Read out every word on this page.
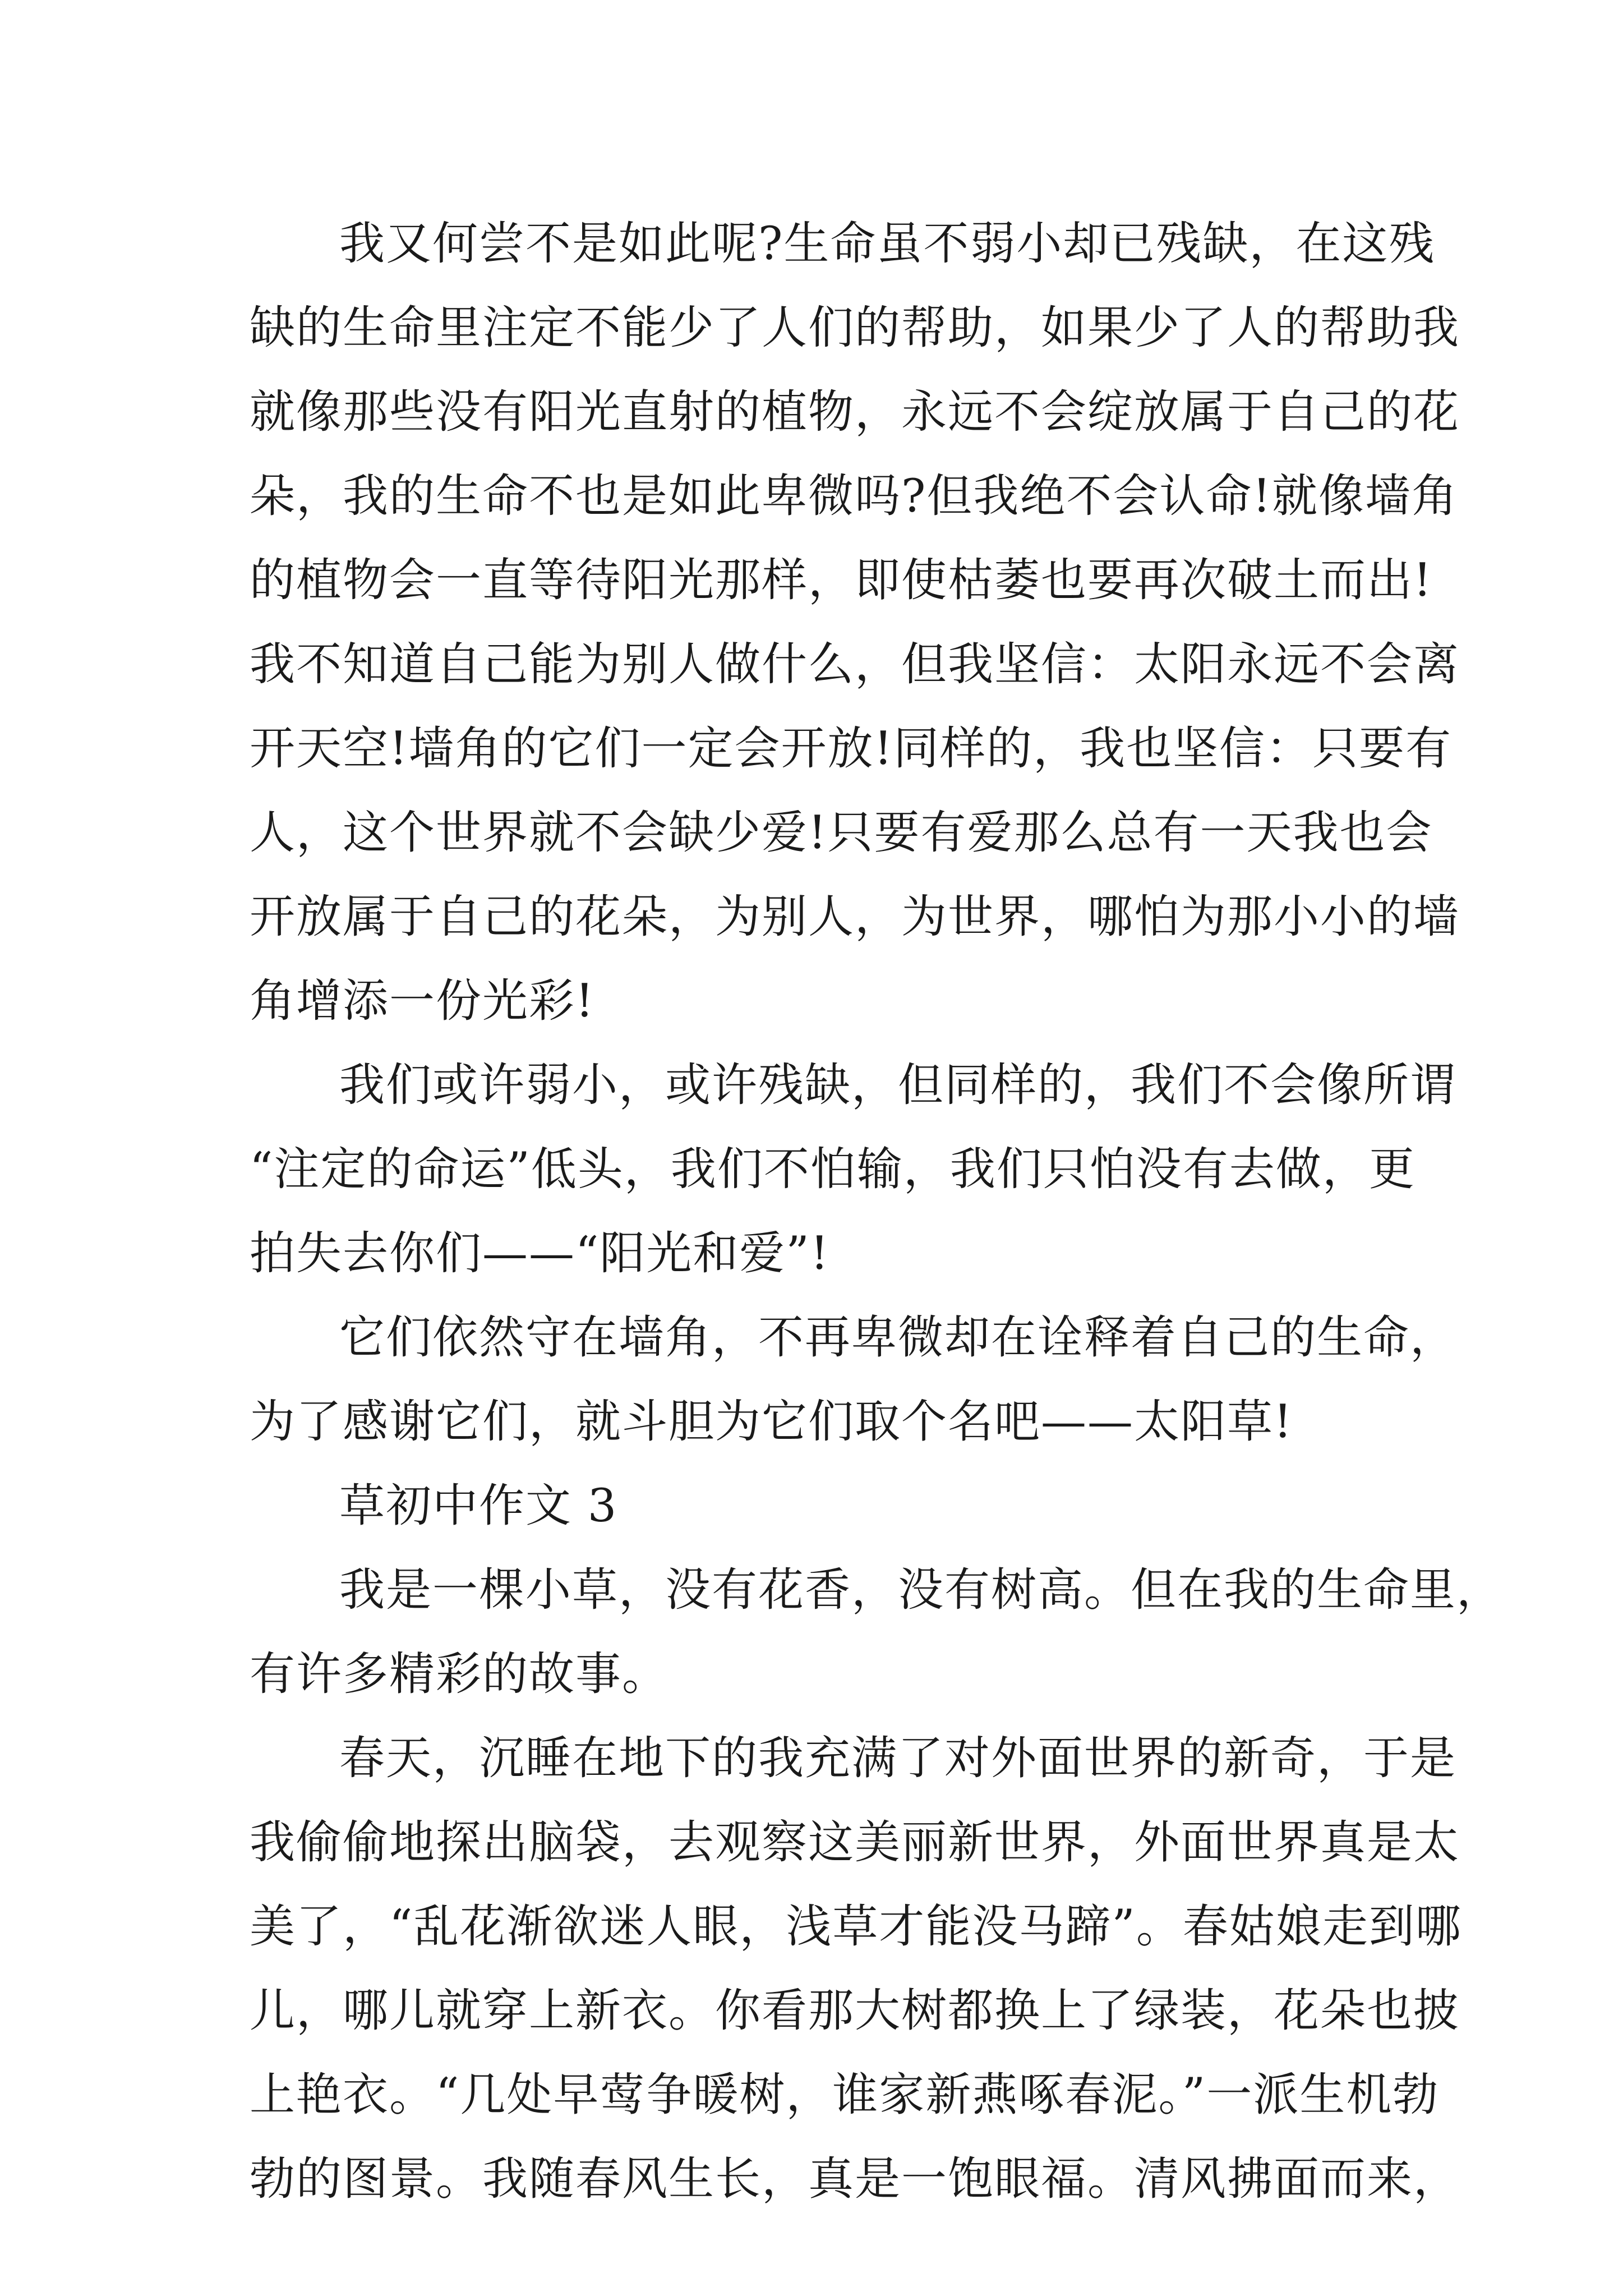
我又何尝不是如此呢?生命虽不弱小却已残缺，在这残
缺的生命里注定不能少了人们的帮助，如果少了人的帮助我
就像那些没有阳光直射的植物，永远不会绽放属于自己的花
朵，我的生命不也是如此卑微吗?但我绝不会认命!就像墙角
的植物会一直等待阳光那样，即使枯萎也要再次破土而出!
我不知道自己能为别人做什么，但我坚信：太阳永远不会离
开天空!墙角的它们一定会开放!同样的，我也坚信：只要有
人，这个世界就不会缺少爱!只要有爱那么总有一天我也会
开放属于自己的花朵，为别人，为世界，哪怕为那小小的墙
角增添一份光彩!
我们或许弱小，或许残缺，但同样的，我们不会像所谓
“注定的命运”低头，我们不怕输，我们只怕没有去做，更
拍失去你们——“阳光和爱”!
它们依然守在墙角，不再卑微却在诠释着自己的生命，
为了感谢它们，就斗胆为它们取个名吧——太阳草!
草初中作文 3
我是一棵小草，没有花香，没有树高。但在我的生命里，
有许多精彩的故事。
春天，沉睡在地下的我充满了对外面世界的新奇，于是
我偷偷地探出脑袋，去观察这美丽新世界，外面世界真是太
美了，“乱花渐欲迷人眼，浅草才能没马蹄”。春姑娘走到哪
儿，哪儿就穿上新衣。你看那大树都换上了绿装，花朵也披
上艳衣。“几处早莺争暖树，谁家新燕啄春泥。”一派生机勃
勃的图景。我随春风生长，真是一饱眼福。清风拂面而来，
